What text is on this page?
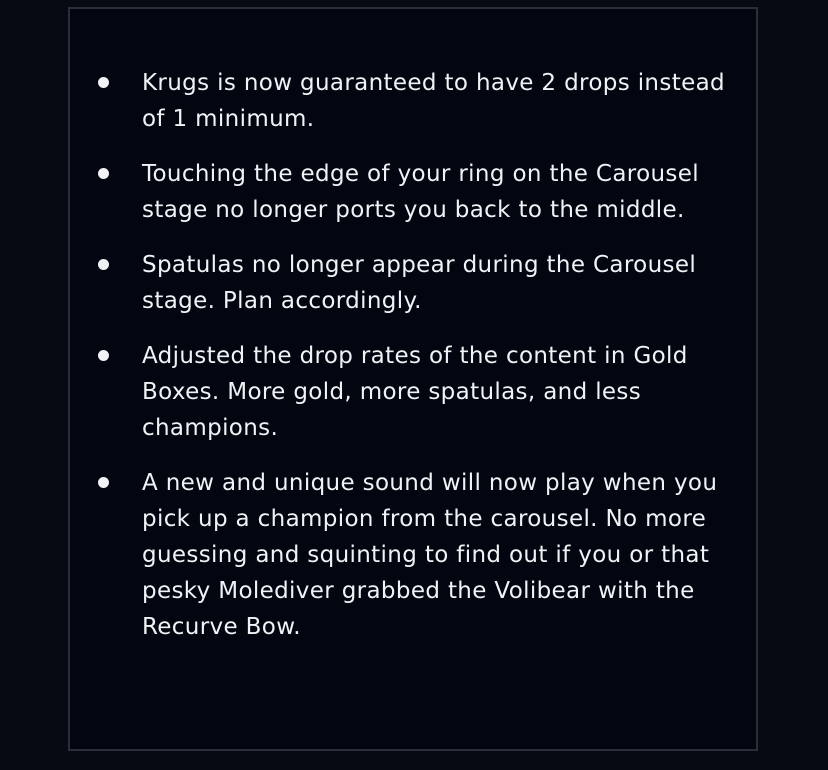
Krugs is now guaranteed to have 2 drops instead of 1 minimum.
Touching the edge of your ring on the Carousel stage no longer ports you back to the middle.
Spatulas no longer appear during the Carousel stage. Plan accordingly.
Adjusted the drop rates of the content in Gold Boxes. More gold, more spatulas, and less champions.
A new and unique sound will now play when you pick up a champion from the carousel. No more guessing and squinting to find out if you or that pesky Molediver grabbed the Volibear with the Recurve Bow.
